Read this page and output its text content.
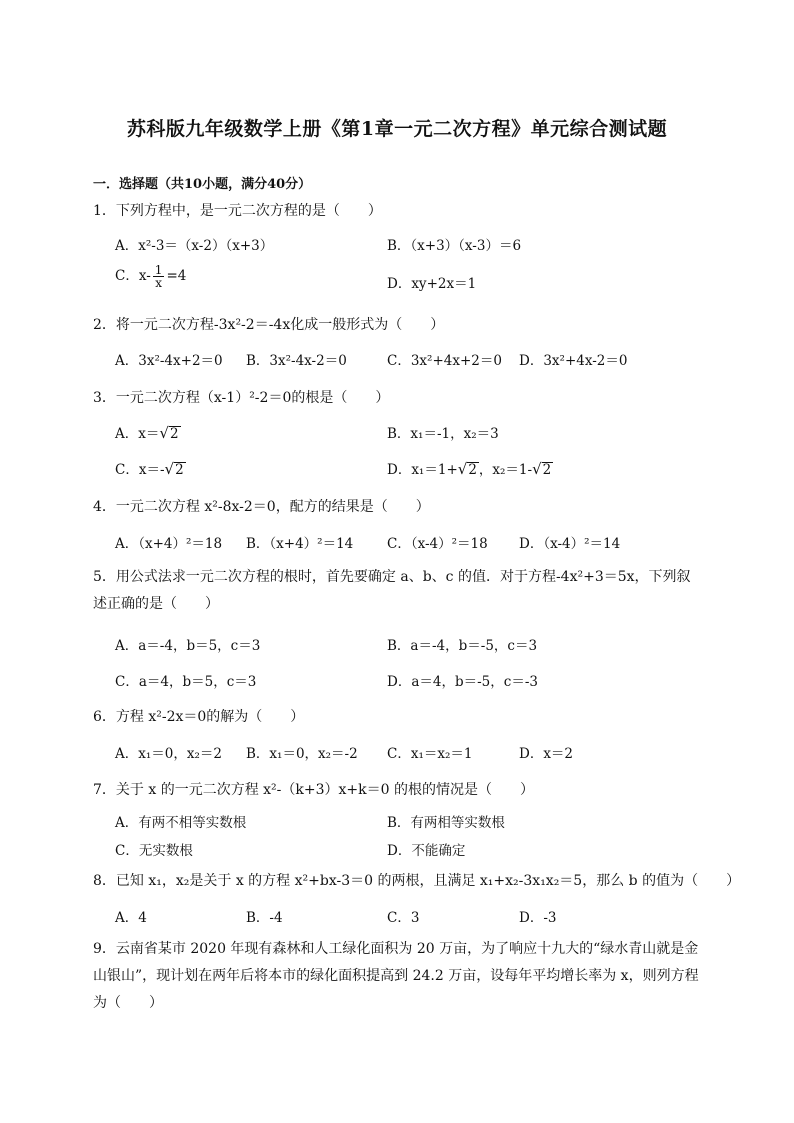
苏科版九年级数学上册《第1章一元二次方程》单元综合测试题
一．选择题（共10小题，满分40分）
1．下列方程中，是一元二次方程的是（　　）
A．x²-3＝（x-2）（x+3）	B．（x+3）（x-3）＝6
C．$x- \frac{1}{x} =4$	D．xy+2x＝1
2．将一元二次方程-3x²-2＝-4x化成一般形式为（　　）
A．3x²-4x+2＝0 B．3x²-4x-2＝0	C．3x²+4x+2＝0 D．3x²+4x-2＝0
3．一元二次方程（x-1）²-2＝0的根是（　　）
A．x＝√2	B．x₁＝-1，x₂＝3
C．x＝-√2	D．x₁＝1+√2 ，x₂＝1-√2
4．一元二次方程 x²-8x-2＝0，配方的结果是（　　）
A．（x+4）²＝18 B．（x+4）²＝14 C．（x-4）²＝18 D．（x-4）²＝14
5．用公式法求一元二次方程的根时，首先要确定 a、b、c 的值．对于方程-4x²+3＝5x，下列叙述正确的是（　　）
A．a＝-4，b＝5，c＝3	B．a＝-4，b＝-5，c＝3
C．a＝4，b＝5，c＝3	D．a＝4，b＝-5，c＝-3
6．方程 x²-2x＝0的解为（　　）
A．x₁＝0，x₂＝2 B．x₁＝0，x₂＝-2 C．x₁＝x₂＝1	D．x＝2
7．关于 x 的一元二次方程 x²-（k+3）x+k＝0 的根的情况是（　　）
A．有两不相等实数根	B．有两相等实数根
C．无实数根	D．不能确定
8．已知 x₁，x₂是关于 x 的方程 x²+bx-3＝0 的两根，且满足 x₁+x₂-3x₁x₂＝5，那么 b 的值为（　　）
A．4	B．-4	C．3	D．-3
9．云南省某市 2020 年现有森林和人工绿化面积为 20 万亩，为了响应十九大的“绿水青山就是金山银山”，现计划在两年后将本市的绿化面积提高到 24.2 万亩，设每年平均增长率为 x，则列方程为（　　）
